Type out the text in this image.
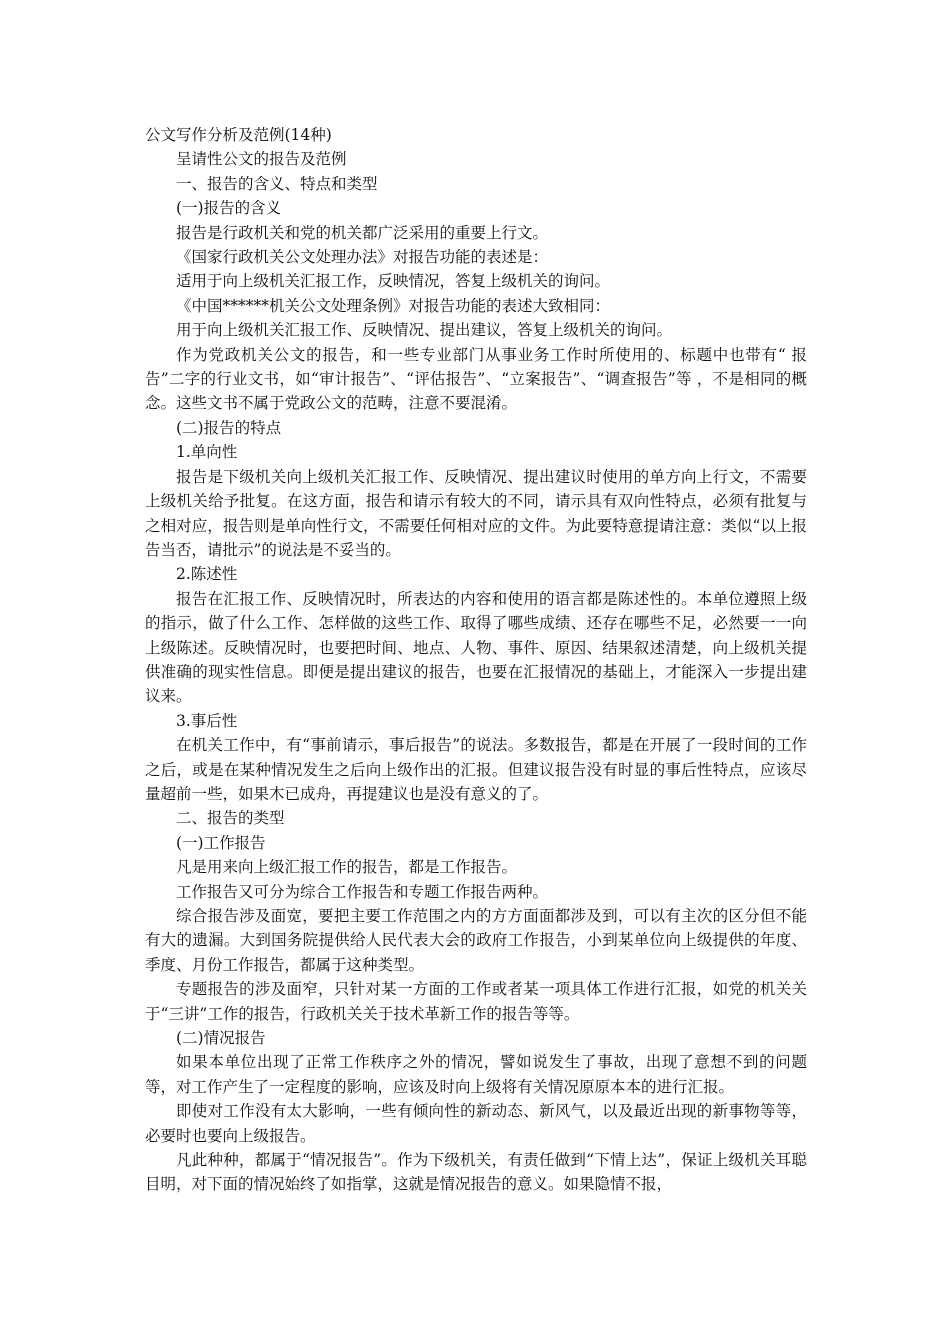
公文写作分析及范例(14种)

呈请性公文的报告及范例

一、报告的含义、特点和类型

(一)报告的含义

报告是行政机关和党的机关都广泛采用的重要上行文。

《国家行政机关公文处理办法》对报告功能的表述是：

适用于向上级机关汇报工作，反映情况，答复上级机关的询问。

《中国******机关公文处理条例》对报告功能的表述大致相同：

用于向上级机关汇报工作、反映情况、提出建议，答复上级机关的询问。

作为党政机关公文的报告，和一些专业部门从事业务工作时所使用的、标题中也带有“ 报告”二字的行业文书，如“审计报告”、“评估报告”、“立案报告”、“调查报告”等 ，不是相同的概念。这些文书不属于党政公文的范畴，注意不要混淆。

(二)报告的特点

1.单向性

报告是下级机关向上级机关汇报工作、反映情况、提出建议时使用的单方向上行文，不需要上级机关给予批复。在这方面，报告和请示有较大的不同，请示具有双向性特点，必须有批复与之相对应，报告则是单向性行文，不需要任何相对应的文件。为此要特意提请注意：类似“以上报告当否，请批示”的说法是不妥当的。

2.陈述性

报告在汇报工作、反映情况时，所表达的内容和使用的语言都是陈述性的。本单位遵照上级的指示，做了什么工作、怎样做的这些工作、取得了哪些成绩、还存在哪些不足，必然要一一向上级陈述。反映情况时，也要把时间、地点、人物、事件、原因、结果叙述清楚，向上级机关提供准确的现实性信息。即便是提出建议的报告，也要在汇报情况的基础上，才能深入一步提出建议来。

3.事后性

在机关工作中，有“事前请示，事后报告”的说法。多数报告，都是在开展了一段时间的工作之后，或是在某种情况发生之后向上级作出的汇报。但建议报告没有时显的事后性特点，应该尽量超前一些，如果木已成舟，再提建议也是没有意义的了。

二、报告的类型

(一)工作报告

凡是用来向上级汇报工作的报告，都是工作报告。

工作报告又可分为综合工作报告和专题工作报告两种。

综合报告涉及面宽，要把主要工作范围之内的方方面面都涉及到，可以有主次的区分但不能有大的遗漏。大到国务院提供给人民代表大会的政府工作报告，小到某单位向上级提供的年度、季度、月份工作报告，都属于这种类型。

专题报告的涉及面窄，只针对某一方面的工作或者某一项具体工作进行汇报，如党的机关关于“三讲”工作的报告，行政机关关于技术革新工作的报告等等。

(二)情况报告

如果本单位出现了正常工作秩序之外的情况，譬如说发生了事故，出现了意想不到的问题等，对工作产生了一定程度的影响，应该及时向上级将有关情况原原本本的进行汇报。

即使对工作没有太大影响，一些有倾向性的新动态、新风气，以及最近出现的新事物等等，必要时也要向上级报告。

凡此种种，都属于“情况报告”。作为下级机关，有责任做到“下情上达”，保证上级机关耳聪目明，对下面的情况始终了如指掌，这就是情况报告的意义。如果隐情不报，
